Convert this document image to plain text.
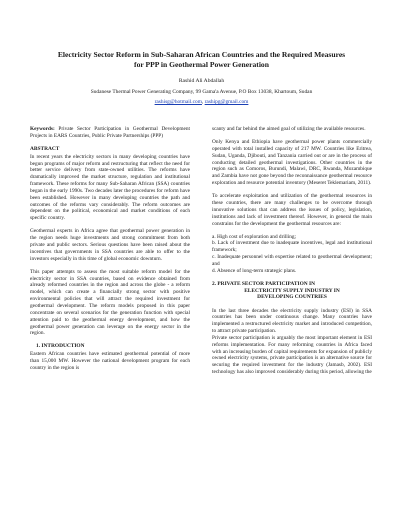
Electricity Sector Reform in Sub-Saharan African Countries and the Required Measures
for PPP in Geothermal Power Generation
Rashid Ali Abdallah
Sudanese Thermal Power Generating Company, 99 Gama'a Avenue, P.O Box 13038, Khartoum, Sudan
rashisg@hotmail.com, rashipg@gmail.com
Keywords: Private Sector Participation in Geothermal Development Projects in EARS Countries, Public Private Partnerships (PPP)
ABSTRACT
In recent years the electricity sectors in many developing countries have begun programs of major reform and restructuring that reflect the need for better service delivery from state-owned utilities. The reforms have dramatically improved the market structure, regulation and institutional framework. These reforms for many Sub-Saharan African (SSA) countries began in the early 1990s. Two decades later the procedures for reform have been established. However in many developing countries the path and outcomes of the reforms vary considerably. The reform outcomes are dependent on the political, economical and market conditions of each specific country.
Geothermal experts in Africa agree that geothermal power generation in the region needs huge investments and strong commitment from both private and public sectors. Serious questions have been raised about the incentives that governments in SSA countries are able to offer to the investors especially in this time of global economic downturn.
This paper attempts to assess the most suitable reform model for the electricity sector in SSA countries, based on evidence obtained from already reformed countries in the region and across the globe - a reform model, which can create a financially strong sector with positive environmental policies that will attract the required investment for geothermal development. The reform models proposed in this paper concentrate on several scenarios for the generation function with special attention paid to the geothermal energy development, and how the geothermal power generation can leverage on the energy sector in the region.
1. INTRODUCTION
Eastern African countries have estimated geothermal potential of more than 15,000 MW. However the national development program for each country in the region is
scanty and far behind the aimed goal of utilizing the available resources.
Only Kenya and Ethiopia have geothermal power plants commercially operated with total installed capacity of 217 MW. Countries like Eritrea, Sudan, Uganda, Djibouti, and Tanzania carried out or are in the process of conducting detailed geothermal investigations. Other countries in the region such as Comoros, Burundi, Malawi, DRC, Rwanda, Mozambique and Zambia have not gone beyond the reconnaissance geothermal resource exploration and resource potential inventory (Meseret Teklemariam, 2011).
To accelerate exploitation and utilization of the geothermal resources in these countries, there are many challenges to be overcome through innovative solutions that can address the issues of policy, legislation, institutions and lack of investment thereof. However, in general the main constrains for the development the geothermal resources are:
a. High cost of exploration and drilling;
b. Lack of investment due to inadequate incentives, legal and institutional framework;
c. Inadequate personnel with expertise related to geothermal development; and
d. Absence of long-term strategic plans.
2. PRIVATE SECTOR PARTICIPATION IN
ELECTRICITY SUPPLY INDUSTRY IN
DEVELOPING COUNTRIES
In the last three decades the electricity supply industry (ESI) in SSA countries has been under continuous change. Many countries have implemented a restructured electricity market and introduced competition, to attract private participation.
Private sector participation is arguably the most important element in ESI reforms implementation. For many reforming countries in Africa faced with an increasing burden of capital requirements for expansion of publicly owned electricity systems, private participation is an alternative source for securing the required investment for the industry (Jamasb, 2002). ESI technology has also improved considerably during this period, allowing the
